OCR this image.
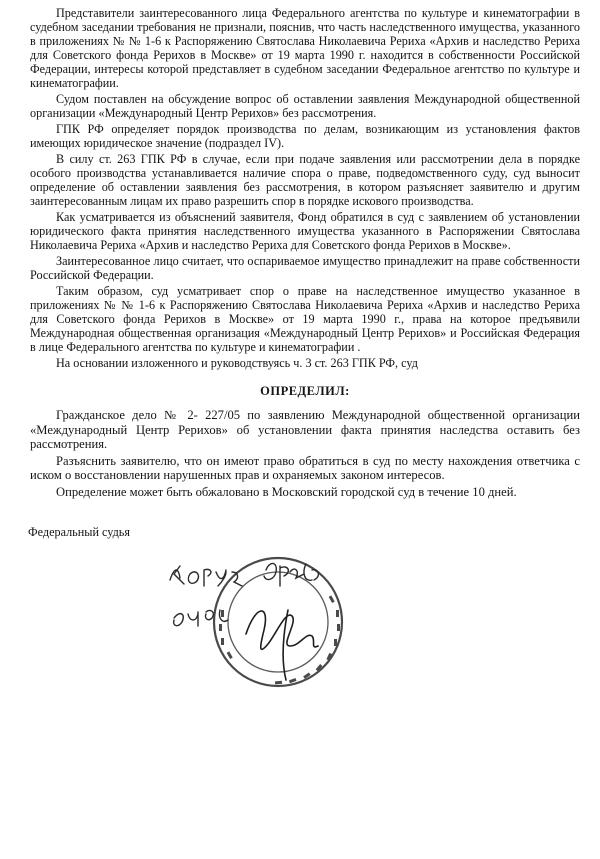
Представители заинтересованного лица Федерального агентства по культуре и кинематографии в судебном заседании требования не признали, пояснив, что часть наследственного имущества, указанного в приложениях № № 1-6 к Распоряжению Святослава Николаевича Рериха «Архив и наследство Рериха для Советского фонда Рерихов в Москве» от 19 марта 1990 г. находится в собственности Российской Федерации, интересы которой представляет в судебном заседании Федеральное агентство по культуре и кинематографии.

Судом поставлен на обсуждение вопрос об оставлении заявления Международной общественной организации «Международный Центр Рерихов» без рассмотрения.

ГПК РФ определяет порядок производства по делам, возникающим из установления фактов имеющих юридическое значение (подраздел IV).

В силу ст. 263 ГПК РФ в случае, если при подаче заявления или рассмотрении дела в порядке особого производства устанавливается наличие спора о праве, подведомственного суду, суд выносит определение об оставлении заявления без рассмотрения, в котором разъясняет заявителю и другим заинтересованным лицам их право разрешить спор в порядке искового производства.

Как усматривается из объяснений заявителя, Фонд обратился в суд с заявлением об установлении юридического факта принятия наследственного имущества указанного в Распоряжении Святослава Николаевича Рериха «Архив и наследство Рериха для Советского фонда Рерихов в Москве».

Заинтересованное лицо считает, что оспариваемое имущество принадлежит на праве собственности Российской Федерации.

Таким образом, суд усматривает спор о праве на наследственное имущество указанное в приложениях № № 1-6 к Распоряжению Святослава Николаевича Рериха «Архив и наследство Рериха для Советского фонда Рерихов в Москве» от 19 марта 1990 г., права на которое предъявили Международная общественная организация «Международный Центр Рерихов» и Российская Федерация в лице Федерального агентства по культуре и кинематографии .

На основании изложенного и руководствуясь ч. 3 ст. 263 ГПК РФ, суд

ОПРЕДЕЛИЛ:

Гражданское дело № 2- 227/05 по заявлению Международной общественной организации «Международный Центр Рерихов» об установлении факта принятия наследства оставить без рассмотрения.

Разъяснить заявителю, что он имеют право обратиться в суд по месту нахождения ответчика с иском о восстановлении нарушенных прав и охраняемых законом интересов.

Определение может быть обжаловано в Московский городской суд в течение 10 дней.

Федеральный судья
